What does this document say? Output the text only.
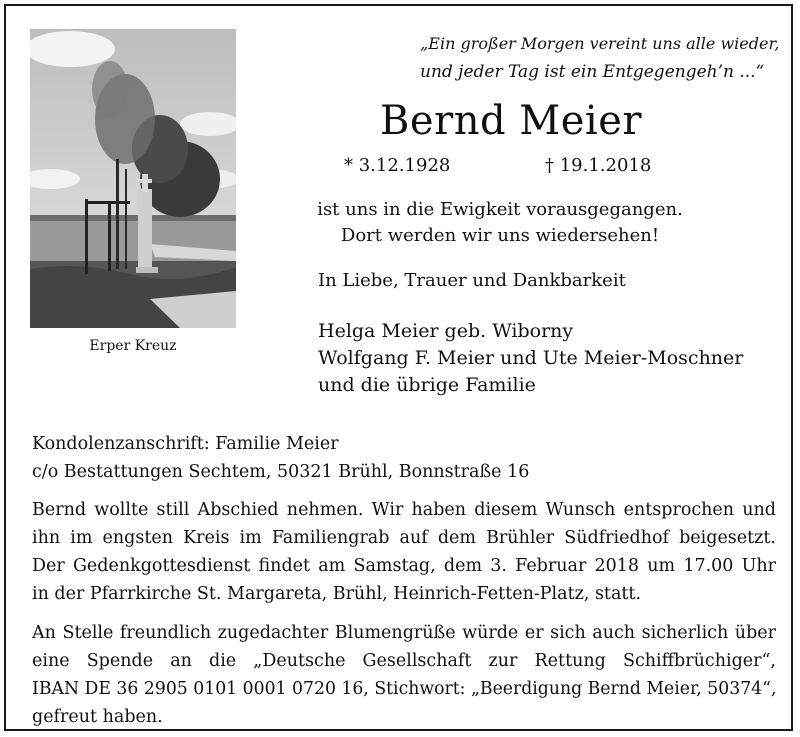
Erper Kreuz
„Ein großer Morgen vereint uns alle wieder,
und jeder Tag ist ein Entgegengeh’n ...“
Bernd Meier
* 3.12.1928	† 19.1.2018
ist uns in die Ewigkeit vorausgegangen.
Dort werden wir uns wiedersehen!
In Liebe, Trauer und Dankbarkeit
Helga Meier geb. Wiborny
Wolfgang F. Meier und Ute Meier-Moschner
und die übrige Familie
Kondolenzanschrift: Familie Meier
c/o Bestattungen Sechtem, 50321 Brühl, Bonnstraße 16
Bernd wollte still Abschied nehmen. Wir haben diesem Wunsch entsprochen und
ihn im engsten Kreis im Familiengrab auf dem Brühler Südfriedhof beigesetzt.
Der Gedenkgottesdienst findet am Samstag, dem 3. Februar 2018 um 17.00 Uhr
in der Pfarrkirche St. Margareta, Brühl, Heinrich-Fetten-Platz, statt.
An Stelle freundlich zugedachter Blumengrüße würde er sich auch sicherlich über
eine Spende an die „Deutsche Gesellschaft zur Rettung Schiffbrüchiger“,
IBAN DE 36 2905 0101 0001 0720 16, Stichwort: „Beerdigung Bernd Meier, 50374“,
gefreut haben.
